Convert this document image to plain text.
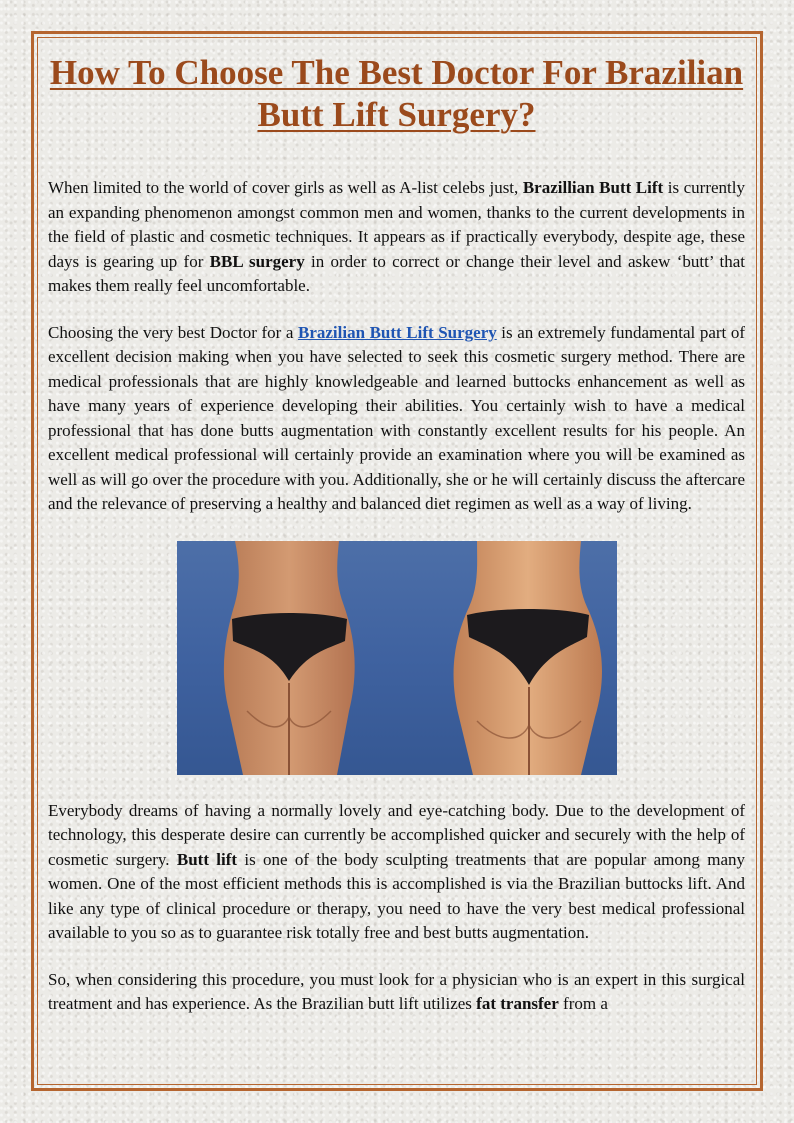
How To Choose The Best Doctor For Brazilian Butt Lift Surgery?

When limited to the world of cover girls as well as A-list celebs just, Brazillian Butt Lift is currently an expanding phenomenon amongst common men and women, thanks to the current developments in the field of plastic and cosmetic techniques. It appears as if practically everybody, despite age, these days is gearing up for BBL surgery in order to correct or change their level and askew ‘butt’ that makes them really feel uncomfortable.

Choosing the very best Doctor for a Brazilian Butt Lift Surgery is an extremely fundamental part of excellent decision making when you have selected to seek this cosmetic surgery method. There are medical professionals that are highly knowledgeable and learned buttocks enhancement as well as have many years of experience developing their abilities. You certainly wish to have a medical professional that has done butts augmentation with constantly excellent results for his people. An excellent medical professional will certainly provide an examination where you will be examined as well as will go over the procedure with you. Additionally, she or he will certainly discuss the aftercare and the relevance of preserving a healthy and balanced diet regimen as well as a way of living.

Everybody dreams of having a normally lovely and eye-catching body. Due to the development of technology, this desperate desire can currently be accomplished quicker and securely with the help of cosmetic surgery. Butt lift is one of the body sculpting treatments that are popular among many women. One of the most efficient methods this is accomplished is via the Brazilian buttocks lift. And like any type of clinical procedure or therapy, you need to have the very best medical professional available to you so as to guarantee risk totally free and best butts augmentation.

So, when considering this procedure, you must look for a physician who is an expert in this surgical treatment and has experience. As the Brazilian butt lift utilizes fat transfer from a
